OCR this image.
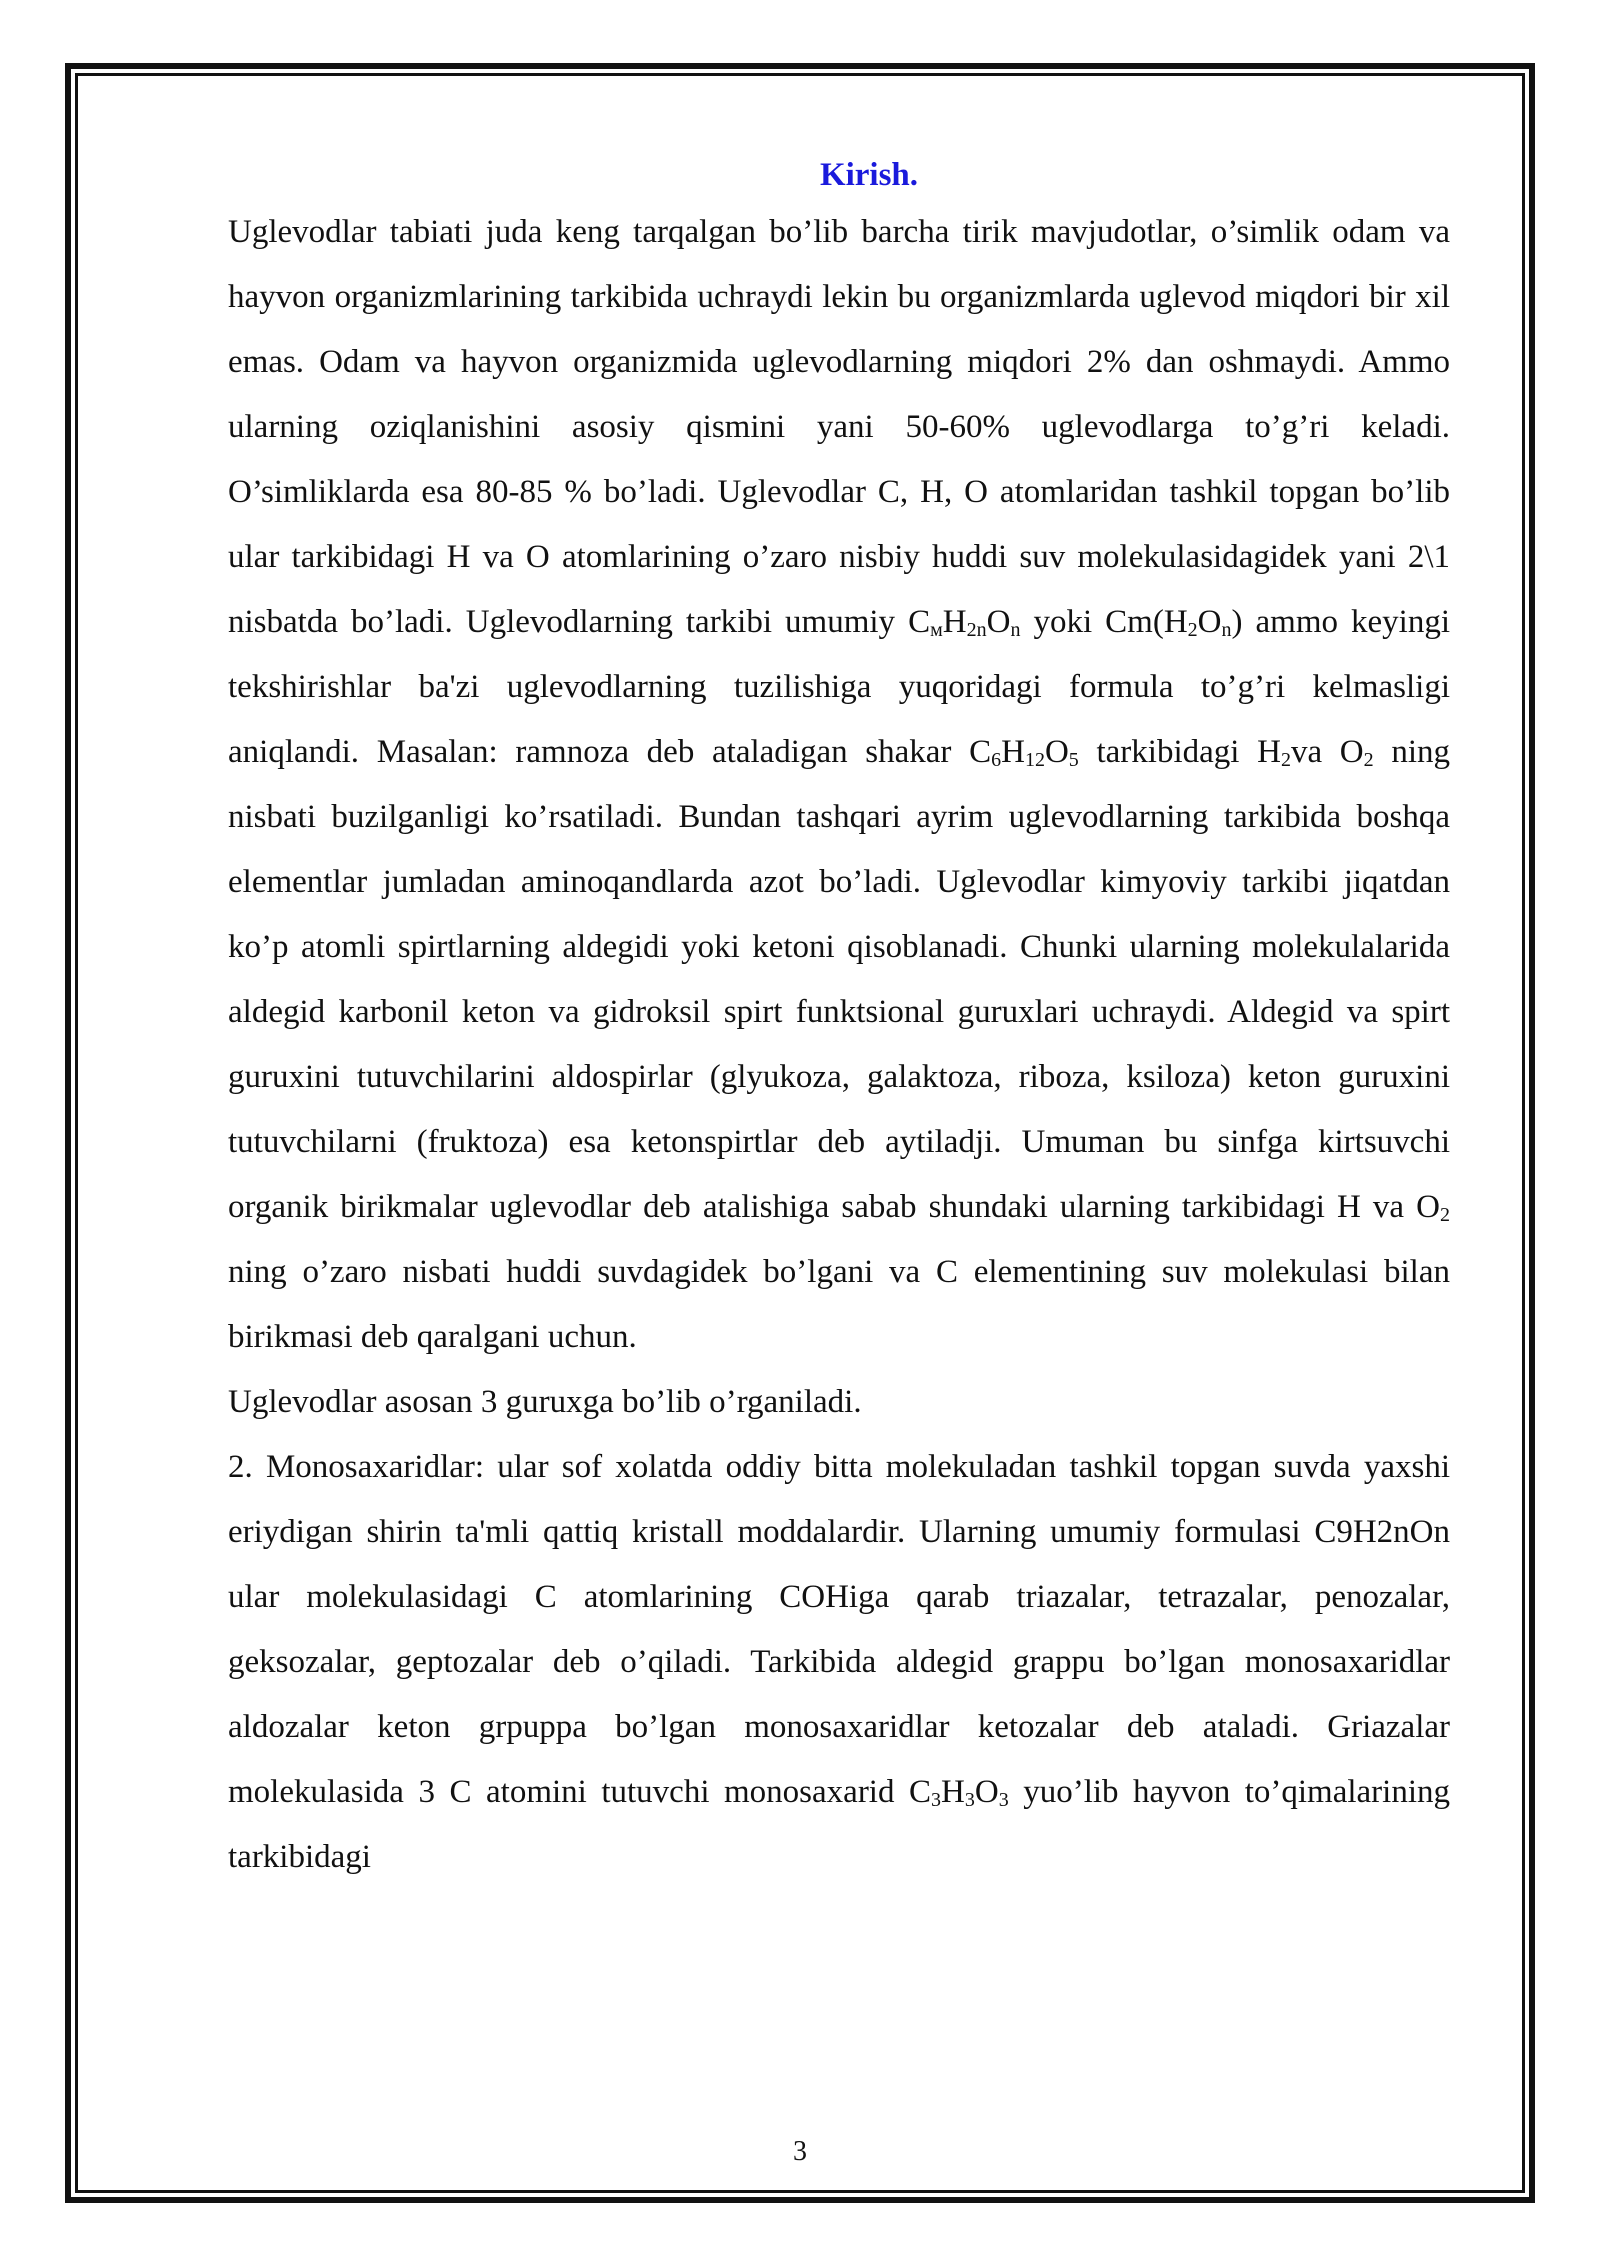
Kirish.

Uglevodlar tabiati juda keng tarqalgan bo’lib barcha tirik mavjudotlar, o’simlik odam va hayvon organizmlarining tarkibida uchraydi lekin bu organizmlarda uglevod miqdori bir xil emas. Odam va hayvon organizmida uglevodlarning miqdori 2% dan oshmaydi. Ammo ularning oziqlanishini asosiy qismini yani 50-60% uglevodlarga to’g’ri keladi. O’simliklarda esa 80-85 % bo’ladi. Uglevodlar C, H, O atomlaridan tashkil topgan bo’lib ular tarkibidagi H va O atomlarining o’zaro nisbiy huddi suv molekulasidagidek yani 2\1 nisbatda bo’ladi. Uglevodlarning tarkibi umumiy $C_мH_{2n}O_n$ yoki $Cm(H_2O_n)$ ammo keyingi tekshirishlar ba'zi uglevodlarning tuzilishiga yuqoridagi formula to’g’ri kelmasligi aniqlandi. Masalan: ramnoza deb ataladigan shakar $C_6H_{12}O_5$ tarkibidagi $H_2va$ $O_2$ ning nisbati buzilganligi ko’rsatiladi. Bundan tashqari ayrim uglevodlarning tarkibida boshqa elementlar jumladan aminoqandlarda azot bo’ladi. Uglevodlar kimyoviy tarkibi jiqatdan ko’p atomli spirtlarning aldegidi yoki ketoni qisoblanadi. Chunki ularning molekulalarida aldegid karbonil keton va gidroksil spirt funktsional guruxlari uchraydi. Aldegid va spirt guruxini tutuvchilarini aldospirlar (glyukoza, galaktoza, riboza, ksiloza) keton guruxini tutuvchilarni (fruktoza) esa ketonspirtlar deb aytiladji. Umuman bu sinfga kirtsuvchi organik birikmalar uglevodlar deb atalishiga sabab shundaki ularning tarkibidagi H va $O_2$ ning o’zaro nisbati huddi suvdagidek bo’lgani va C elementining suv molekulasi bilan birikmasi deb qaralgani uchun.

Uglevodlar asosan 3 guruxga bo’lib o’rganiladi.

2. Monosaxaridlar: ular sof xolatda oddiy bitta molekuladan tashkil topgan suvda yaxshi eriydigan shirin ta'mli qattiq kristall moddalardir. Ularning umumiy formulasi C9H2nOn ular molekulasidagi C atomlarining COHiga qarab triazalar, tetrazalar, penozalar, geksozalar, geptozalar deb o’qiladi. Tarkibida aldegid grappu bo’lgan monosaxaridlar aldozalar keton grpuppa bo’lgan monosaxaridlar ketozalar deb ataladi. Griazalar molekulasida 3 C atomini tutuvchi monosaxarid $C_3H_3O_3$ yuo’lib hayvon to’qimalarining tarkibidagi

3
